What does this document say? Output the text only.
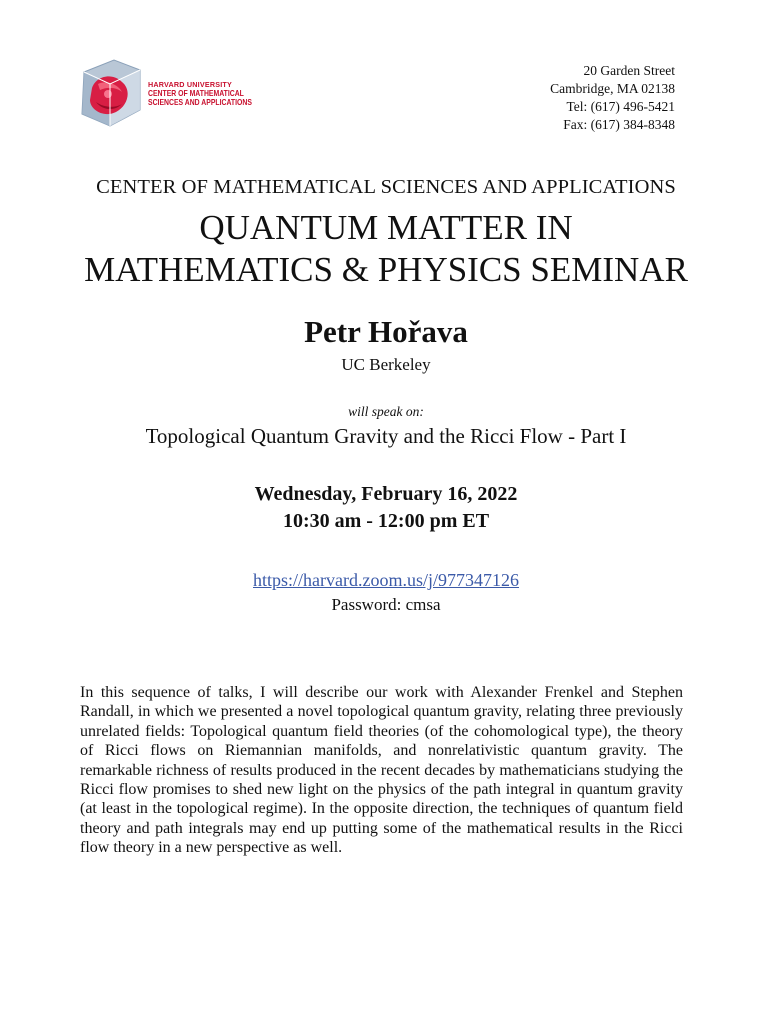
HARVARD UNIVERSITY
CENTER OF MATHEMATICAL
SCIENCES AND APPLICATIONS
20 Garden Street
Cambridge, MA 02138
Tel: (617) 496-5421
Fax: (617) 384-8348
CENTER OF MATHEMATICAL SCIENCES AND APPLICATIONS
QUANTUM MATTER IN
MATHEMATICS & PHYSICS SEMINAR
Petr Hořava
UC Berkeley
will speak on:
Topological Quantum Gravity and the Ricci Flow - Part I
Wednesday, February 16, 2022
10:30 am - 12:00 pm ET
https://harvard.zoom.us/j/977347126
Password: cmsa
In this sequence of talks, I will describe our work with Alexander Frenkel and Stephen Randall, in which we presented a novel topological quantum gravity, relating three previously unrelated fields: Topological quantum field theories (of the cohomological type), the theory of Ricci flows on Riemannian manifolds, and nonrelativistic quantum gravity. The remarkable richness of results produced in the recent decades by mathematicians studying the Ricci flow promises to shed new light on the physics of the path integral in quantum gravity (at least in the topological regime). In the opposite direction, the techniques of quantum field theory and path integrals may end up putting some of the mathematical results in the Ricci flow theory in a new perspective as well.
